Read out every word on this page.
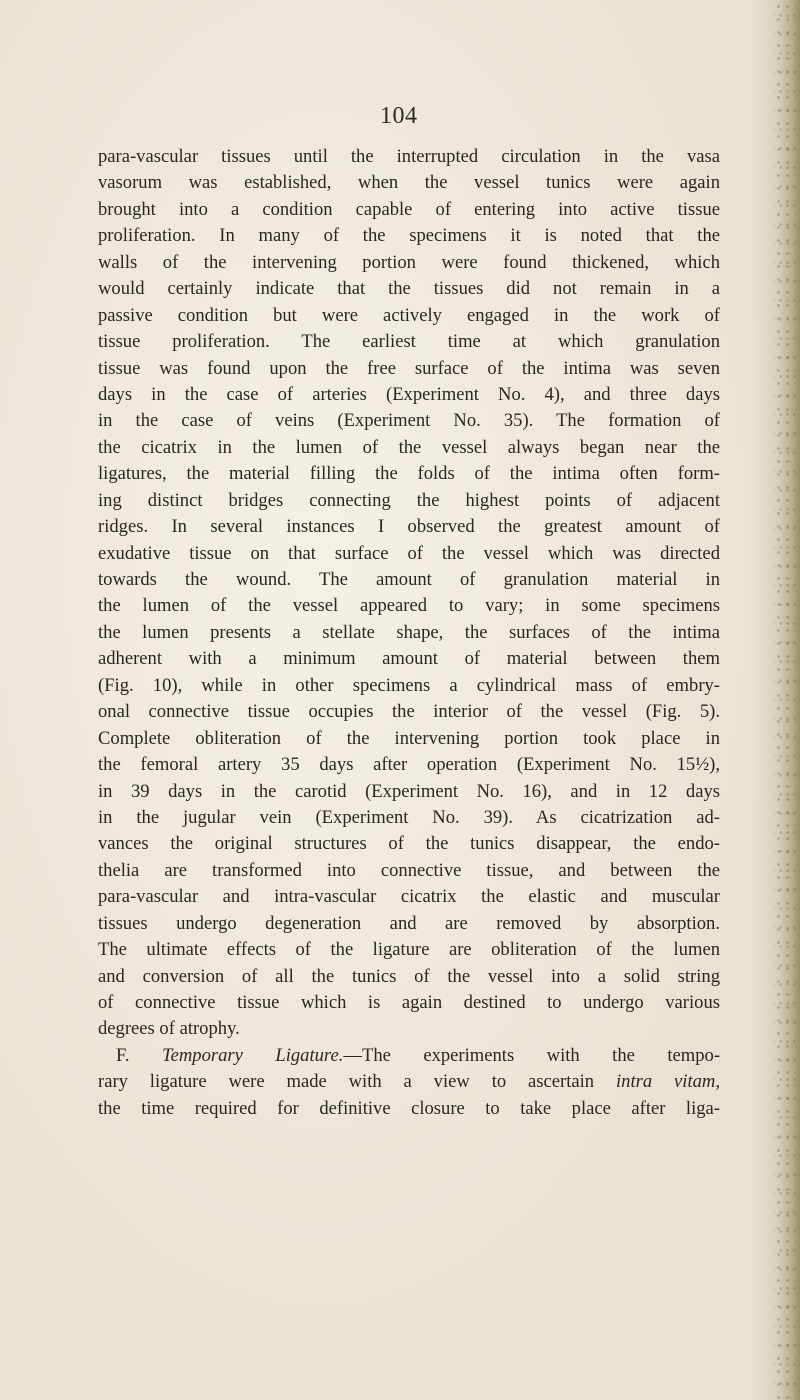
104
para-vascular tissues until the interrupted circulation in the vasa
vasorum was established, when the vessel tunics were again
brought into a condition capable of entering into active tissue
proliferation. In many of the specimens it is noted that the
walls of the intervening portion were found thickened, which
would certainly indicate that the tissues did not remain in a
passive condition but were actively engaged in the work of
tissue proliferation. The earliest time at which granulation
tissue was found upon the free surface of the intima was seven
days in the case of arteries (Experiment No. 4), and three days
in the case of veins (Experiment No. 35). The formation of
the cicatrix in the lumen of the vessel always began near the
ligatures, the material filling the folds of the intima often form-
ing distinct bridges connecting the highest points of adjacent
ridges. In several instances I observed the greatest amount of
exudative tissue on that surface of the vessel which was directed
towards the wound. The amount of granulation material in
the lumen of the vessel appeared to vary; in some specimens
the lumen presents a stellate shape, the surfaces of the intima
adherent with a minimum amount of material between them
(Fig. 10), while in other specimens a cylindrical mass of embry-
onal connective tissue occupies the interior of the vessel (Fig. 5).
Complete obliteration of the intervening portion took place in
the femoral artery 35 days after operation (Experiment No. 15½),
in 39 days in the carotid (Experiment No. 16), and in 12 days
in the jugular vein (Experiment No. 39). As cicatrization ad-
vances the original structures of the tunics disappear, the endo-
thelia are transformed into connective tissue, and between the
para-vascular and intra-vascular cicatrix the elastic and muscular
tissues undergo degeneration and are removed by absorption.
The ultimate effects of the ligature are obliteration of the lumen
and conversion of all the tunics of the vessel into a solid string
of connective tissue which is again destined to undergo various
degrees of atrophy.
F. Temporary Ligature.—The experiments with the tempo-
rary ligature were made with a view to ascertain intra vitam,
the time required for definitive closure to take place after liga-
